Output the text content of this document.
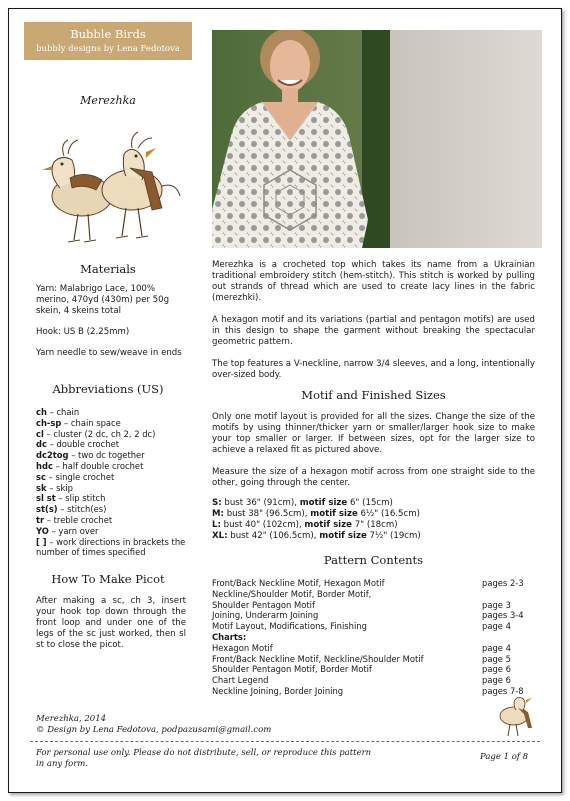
Bubble Birds
bubbly designs by Lena Fedotova
Merezhka
Materials

Yarn: Malabrigo Lace, 100% merino, 470yd (430m) per 50g skein, 4 skeins total

Hook: US B (2.25mm)

Yarn needle to sew/weave in ends

Abbreviations (US)
ch – chain
ch-sp – chain space
cl – cluster (2 dc, ch 2, 2 dc)
dc – double crochet
dc2tog – two dc together
hdc – half double crochet
sc – single crochet
sk – skip
sl st – slip stitch
st(s) – stitch(es)
tr – treble crochet
YO – yarn over
[ ] – work directions in brackets the number of times specified
How To Make Picot
After making a sc, ch 3, insert your hook top down through the front loop and under one of the legs of the sc just worked, then sl st to close the picot.

Merezhka is a crocheted top which takes its name from a Ukrainian traditional embroidery stitch (hem-stitch). This stitch is worked by pulling out strands of thread which are used to create lacy lines in the fabric (merezhki).

A hexagon motif and its variations (partial and pentagon motifs) are used in this design to shape the garment without breaking the spectacular geometric pattern.

The top features a V-neckline, narrow 3/4 sleeves, and a long, intentionally over-sized body.

Motif and Finished Sizes

Only one motif layout is provided for all the sizes. Change the size of the motifs by using thinner/thicker yarn or smaller/larger hook size to make your top smaller or larger. If between sizes, opt for the larger size to achieve a relaxed fit as pictured above.

Measure the size of a hexagon motif across from one straight side to the other, going through the center.

S: bust 36" (91cm), motif size 6" (15cm)
M: bust 38" (96.5cm), motif size 6½" (16.5cm)
L: bust 40" (102cm), motif size 7" (18cm)
XL: bust 42" (106.5cm), motif size 7½" (19cm)
Pattern Contents
Front/Back Neckline Motif, Hexagon Motif	pages 2-3
Neckline/Shoulder Motif, Border Motif,
Shoulder Pentagon Motif	page 3
Joining, Underarm Joining	pages 3-4
Motif Layout, Modifications, Finishing	page 4
Charts:
Hexagon Motif	page 4
Front/Back Neckline Motif, Neckline/Shoulder Motif	page 5
Shoulder Pentagon Motif, Border Motif	page 6
Chart Legend	page 6
Neckline Joining, Border Joining	pages 7-8
Merezhka, 2014
© Design by Lena Fedotova, podpazusami@gmail.com
For personal use only. Please do not distribute, sell, or reproduce this pattern in any form.
Page 1 of 8
